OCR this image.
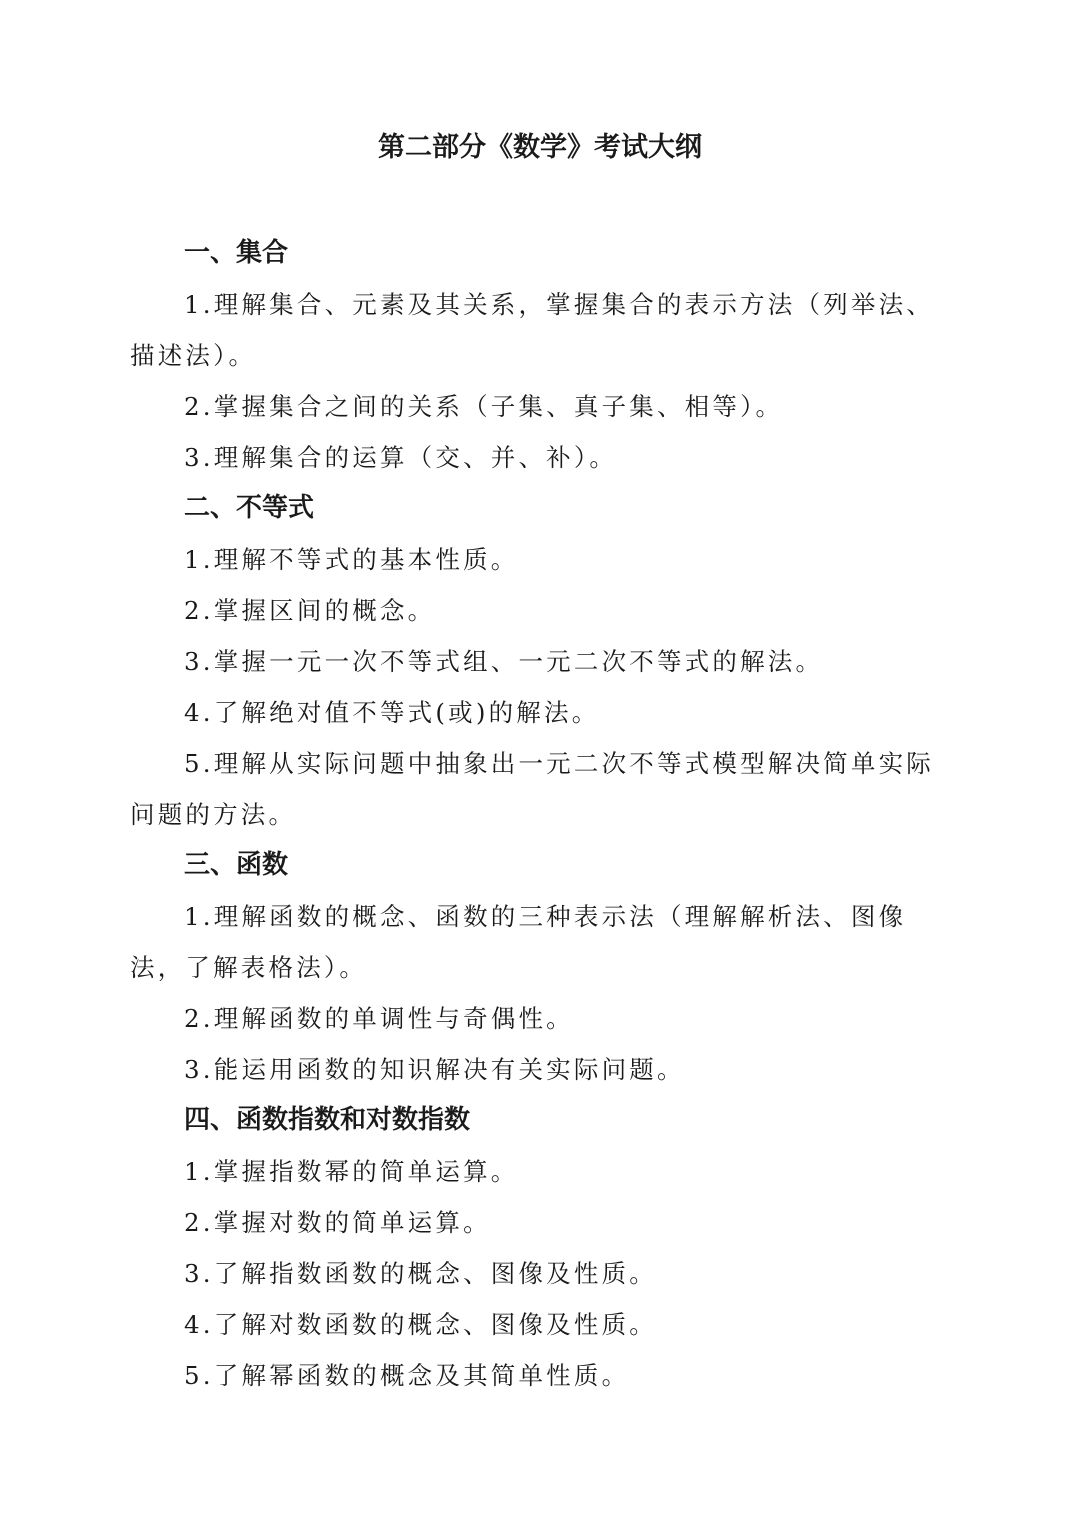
第二部分《数学》考试大纲
一、集合

1.理解集合、元素及其关系，掌握集合的表示方法（列举法、描述法）。

2.掌握集合之间的关系（子集、真子集、相等）。

3.理解集合的运算（交、并、补）。

二、不等式

1.理解不等式的基本性质。

2.掌握区间的概念。

3.掌握一元一次不等式组、一元二次不等式的解法。

4.了解绝对值不等式(或)的解法。

5.理解从实际问题中抽象出一元二次不等式模型解决简单实际问题的方法。

三、函数

1.理解函数的概念、函数的三种表示法（理解解析法、图像法，了解表格法）。

2.理解函数的单调性与奇偶性。

3.能运用函数的知识解决有关实际问题。

四、函数指数和对数指数

1.掌握指数幂的简单运算。

2.掌握对数的简单运算。

3.了解指数函数的概念、图像及性质。

4.了解对数函数的概念、图像及性质。

5.了解幂函数的概念及其简单性质。
